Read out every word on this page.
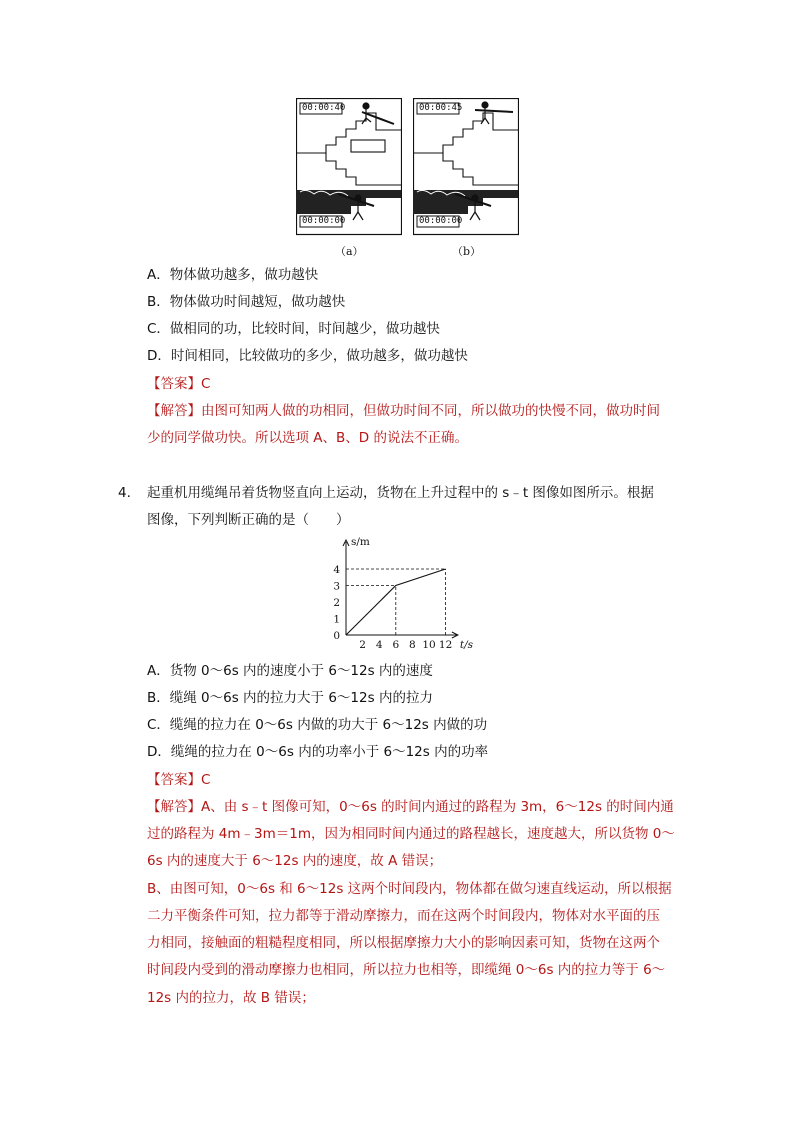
00:00:40
00:00:00
00:00:45
00:00:00
（a）	（b）
A．物体做功越多，做功越快
B．物体做功时间越短，做功越快
C．做相同的功，比较时间，时间越少，做功越快
D．时间相同，比较做功的多少，做功越多，做功越快
【答案】C
【解答】由图可知两人做的功相同，但做功时间不同，所以做功的快慢不同，做功时间
少的同学做功快。所以选项 A、B、D 的说法不正确。
4. 起重机用缆绳吊着货物竖直向上运动，货物在上升过程中的 s﹣t 图像如图所示。根据
图像，下列判断正确的是（　　）
2 4 6 8 10 12
0
1
2
3
4
s/m
t/s
A．货物 0～6s 内的速度小于 6～12s 内的速度
B．缆绳 0～6s 内的拉力大于 6～12s 内的拉力
C．缆绳的拉力在 0～6s 内做的功大于 6～12s 内做的功
D．缆绳的拉力在 0～6s 内的功率小于 6～12s 内的功率
【答案】C
【解答】A、由 s﹣t 图像可知，0～6s 的时间内通过的路程为 3m，6～12s 的时间内通
过的路程为 4m﹣3m＝1m，因为相同时间内通过的路程越长，速度越大，所以货物 0～
6s 内的速度大于 6～12s 内的速度，故 A 错误；
B、由图可知，0～6s 和 6～12s 这两个时间段内，物体都在做匀速直线运动，所以根据
二力平衡条件可知，拉力都等于滑动摩擦力，而在这两个时间段内，物体对水平面的压
力相同，接触面的粗糙程度相同，所以根据摩擦力大小的影响因素可知，货物在这两个
时间段内受到的滑动摩擦力也相同，所以拉力也相等，即缆绳 0～6s 内的拉力等于 6～
12s 内的拉力，故 B 错误；
